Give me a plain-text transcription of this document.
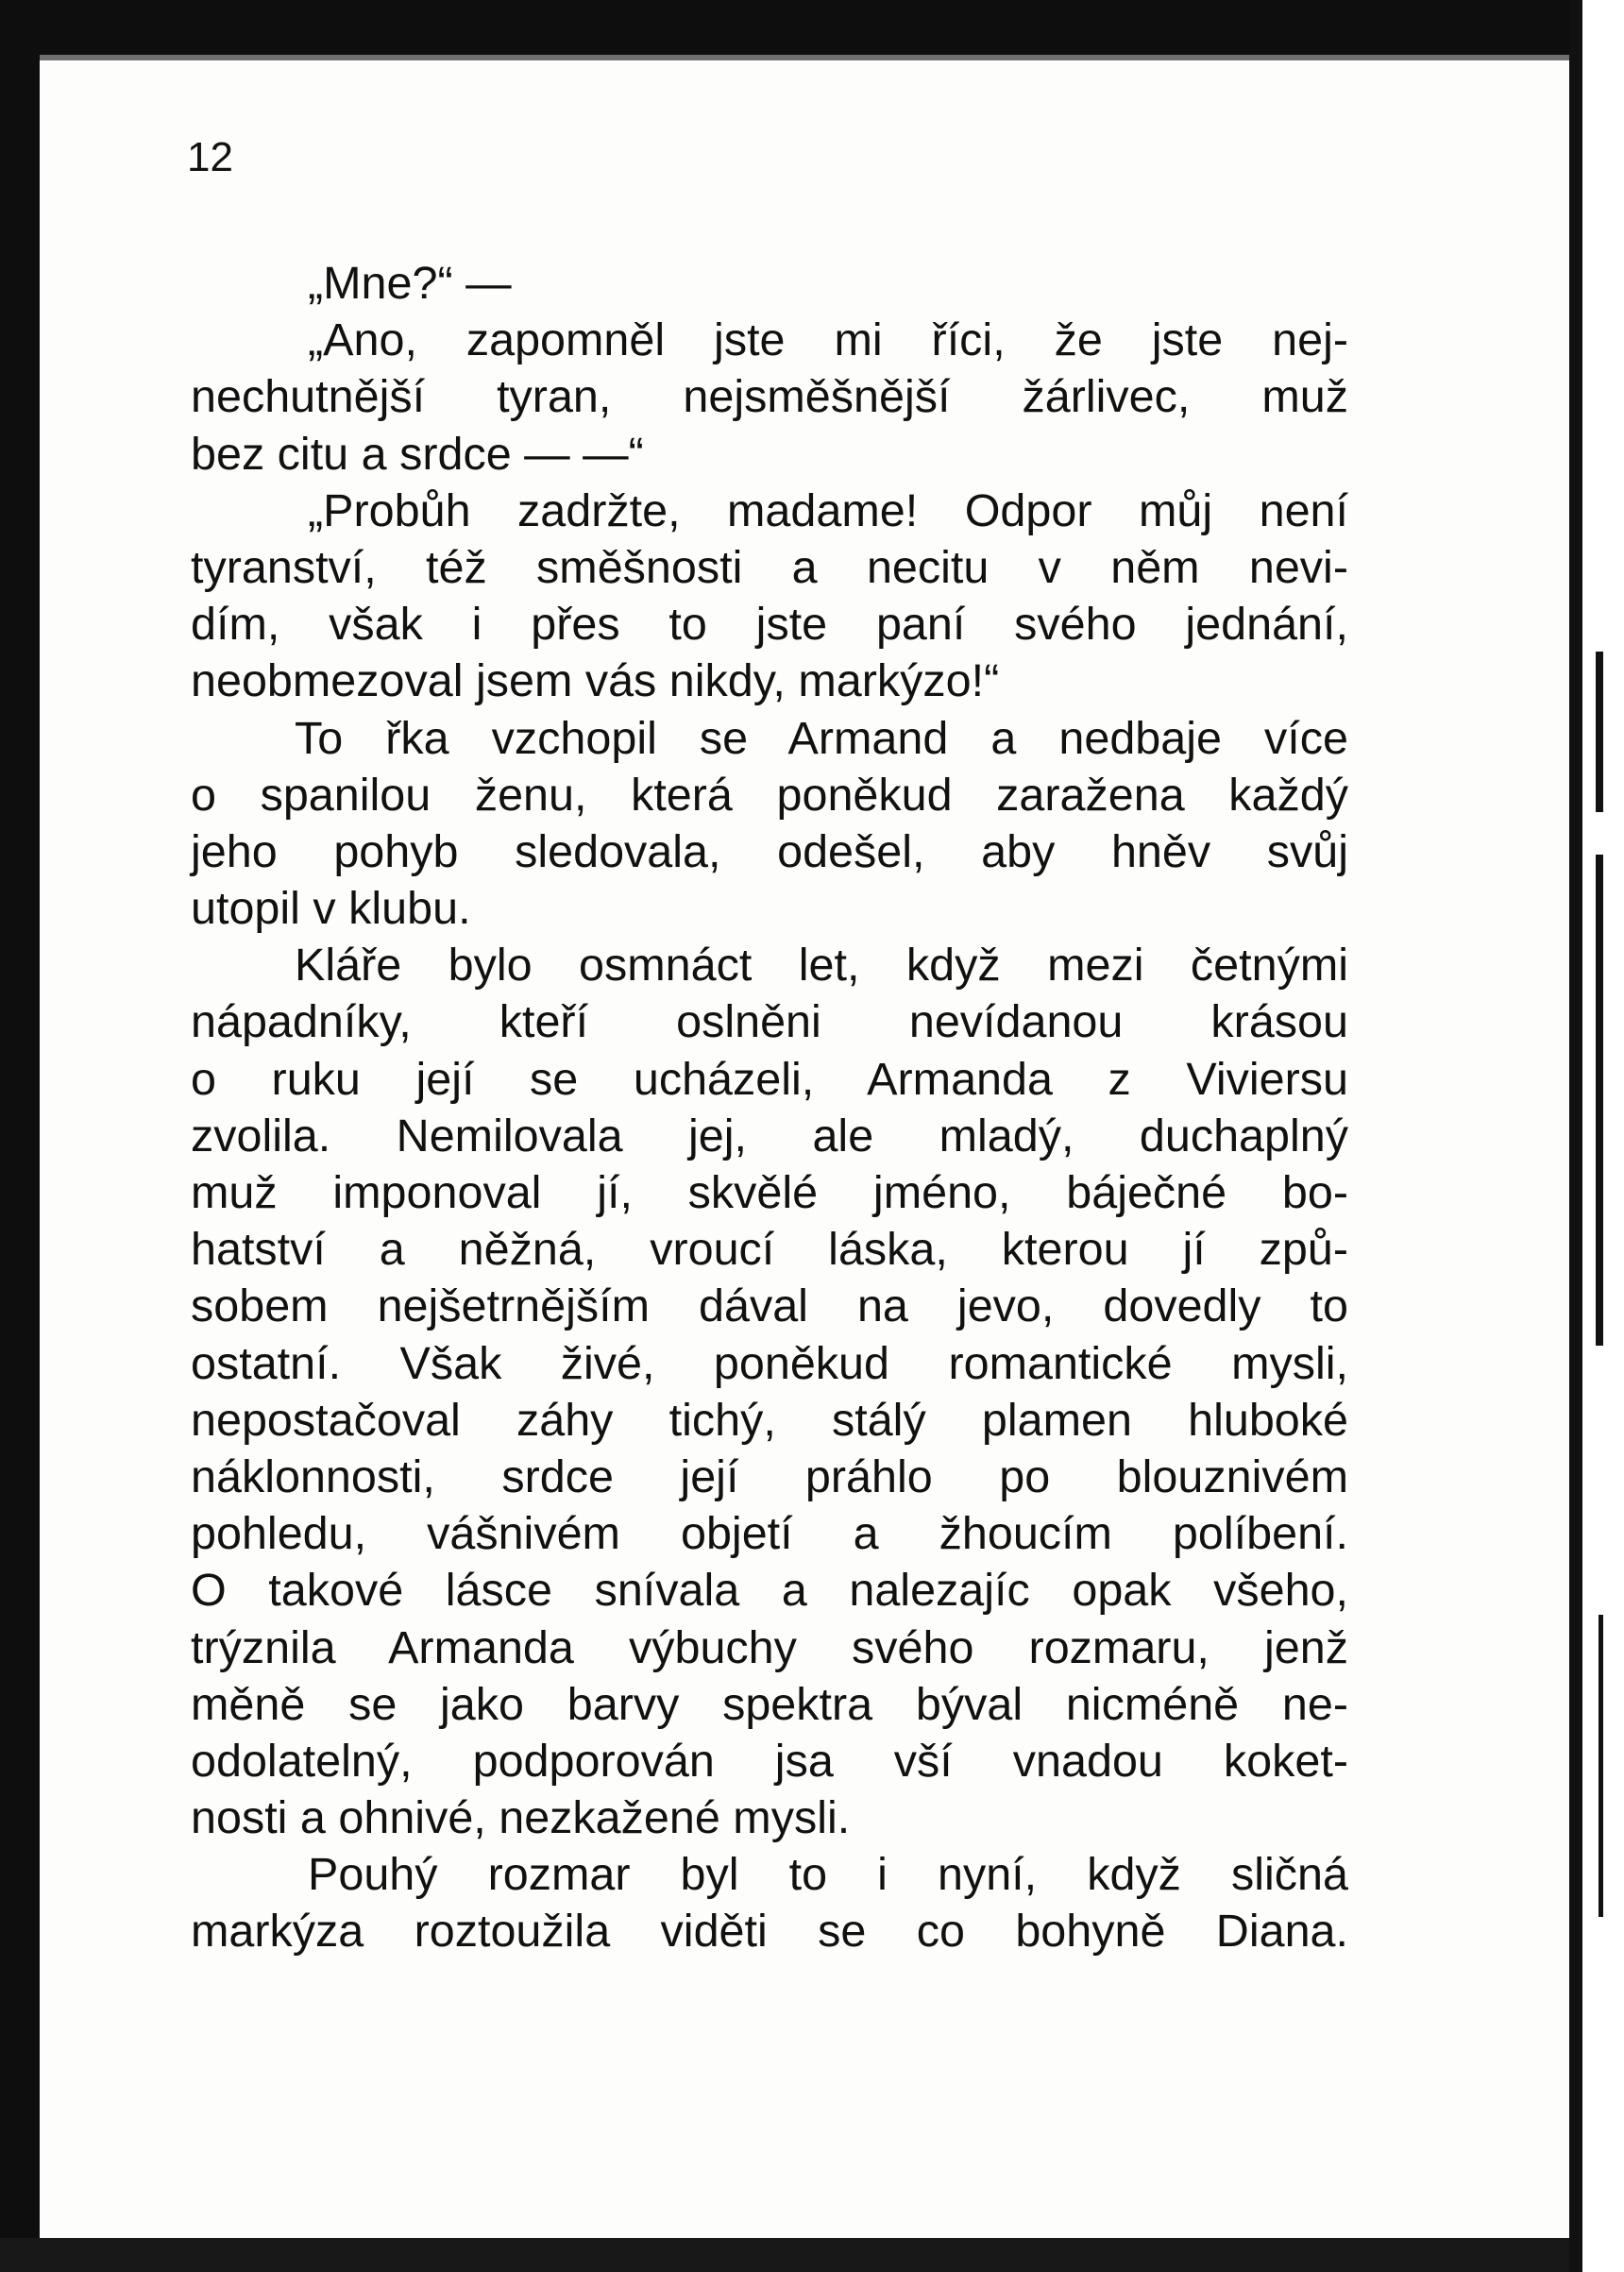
12
„Mne?“ —
„Ano, zapomněl jste mi říci, že jste nej-
nechutnější tyran, nejsměšnější žárlivec, muž
bez citu a srdce — —“
„Probůh zadržte, madame! Odpor můj není
tyranství, též směšnosti a necitu v něm nevi-
dím, však i přes to jste paní svého jednání,
neobmezoval jsem vás nikdy, markýzo!“
To řka vzchopil se Armand a nedbaje více
o spanilou ženu, která poněkud zaražena každý
jeho pohyb sledovala, odešel, aby hněv svůj
utopil v klubu.
Kláře bylo osmnáct let, když mezi četnými
nápadníky, kteří oslněni nevídanou krásou
o ruku její se ucházeli, Armanda z Viviersu
zvolila. Nemilovala jej, ale mladý, duchaplný
muž imponoval jí, skvělé jméno, báječné bo-
hatství a něžná, vroucí láska, kterou jí způ-
sobem nejšetrnějším dával na jevo, dovedly to
ostatní. Však živé, poněkud romantické mysli,
nepostačoval záhy tichý, stálý plamen hluboké
náklonnosti, srdce její práhlo po blouznivém
pohledu, vášnivém objetí a žhoucím políbení.
O takové lásce snívala a nalezajíc opak všeho,
trýznila Armanda výbuchy svého rozmaru, jenž
měně se jako barvy spektra býval nicméně ne-
odolatelný, podporován jsa vší vnadou koket-
nosti a ohnivé, nezkažené mysli.
Pouhý rozmar byl to i nyní, když sličná
markýza roztoužila viděti se co bohyně Diana.
